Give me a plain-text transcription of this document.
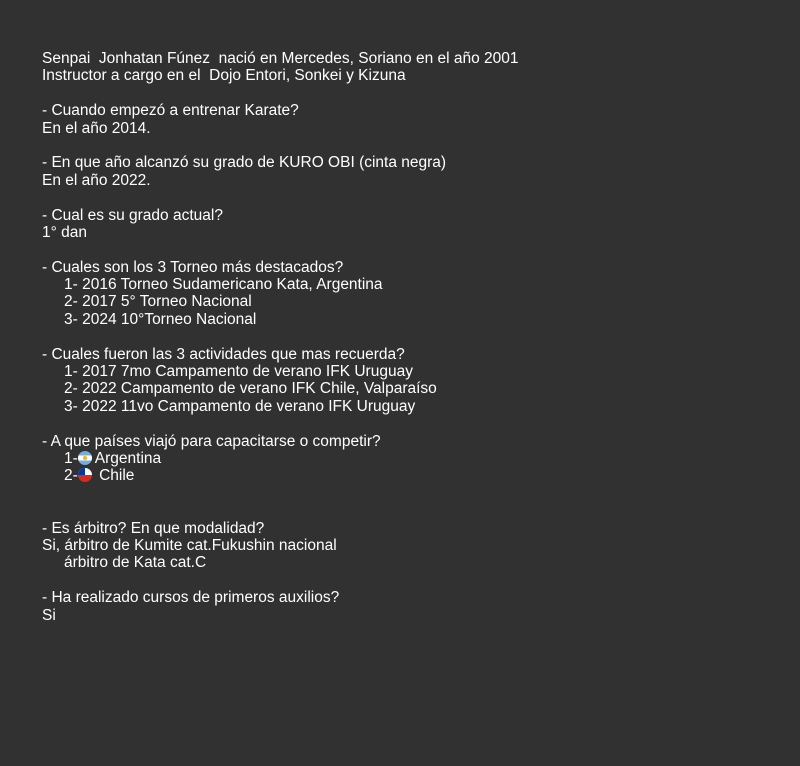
Senpai  Jonhatan Fúnez  nació en Mercedes, Soriano en el año 2001
Instructor a cargo en el  Dojo Entori, Sonkei y Kizuna
- Cuando empezó a entrenar Karate?
En el año 2014.
- En que año alcanzó su grado de KURO OBI (cinta negra)
En el año 2022.
- Cual es su grado actual?
1° dan
- Cuales son los 3 Torneo más destacados?
1- 2016 Torneo Sudamericano Kata, Argentina
2- 2017 5° Torneo Nacional
3- 2024 10°Torneo Nacional
- Cuales fueron las 3 actividades que mas recuerda?
1- 2017 7mo Campamento de verano IFK Uruguay
2- 2022 Campamento de verano IFK Chile, Valparaíso
3- 2022 11vo Campamento de verano IFK Uruguay
- A que países viajó para capacitarse o competir?
1- Argentina
2- Chile
- Es árbitro? En que modalidad?
Si, árbitro de Kumite cat.Fukushin nacional
árbitro de Kata cat.C
- Ha realizado cursos de primeros auxilios?
Si
